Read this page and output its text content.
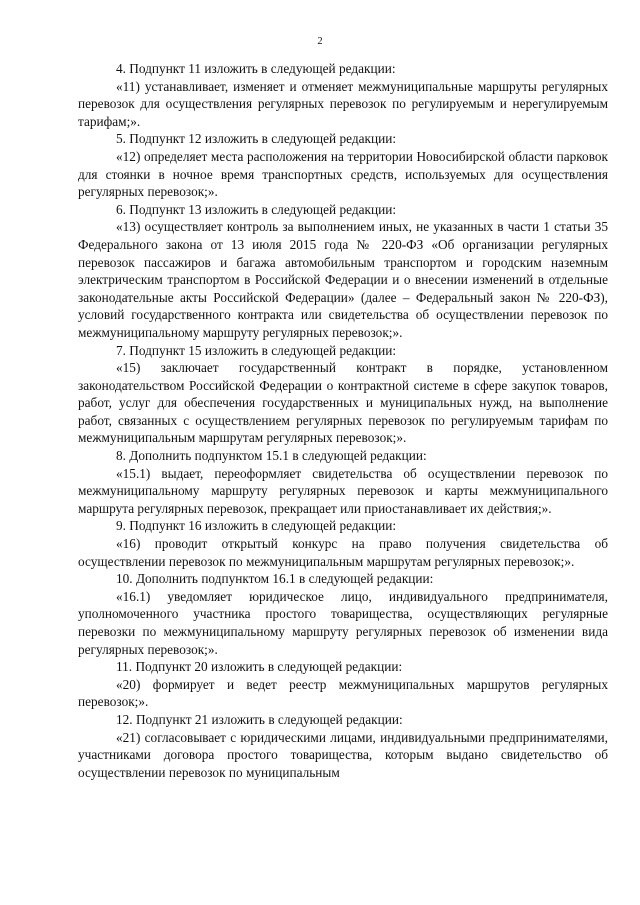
2

4. Подпункт 11 изложить в следующей редакции:

«11) устанавливает, изменяет и отменяет межмуниципальные маршруты регулярных перевозок для осуществления регулярных перевозок по регулируемым и нерегулируемым тарифам;».

5. Подпункт 12 изложить в следующей редакции:

«12) определяет места расположения на территории Новосибирской области парковок для стоянки в ночное время транспортных средств, используемых для осуществления регулярных перевозок;».

6. Подпункт 13 изложить в следующей редакции:

«13) осуществляет контроль за выполнением иных, не указанных в части 1 статьи 35 Федерального закона от 13 июля 2015 года № 220-ФЗ «Об организации регулярных перевозок пассажиров и багажа автомобильным транспортом и городским наземным электрическим транспортом в Российской Федерации и о внесении изменений в отдельные законодательные акты Российской Федерации» (далее – Федеральный закон № 220-ФЗ), условий государственного контракта или свидетельства об осуществлении перевозок по межмуниципальному маршруту регулярных перевозок;».

7. Подпункт 15 изложить в следующей редакции:

«15) заключает государственный контракт в порядке, установленном законодательством Российской Федерации о контрактной системе в сфере закупок товаров, работ, услуг для обеспечения государственных и муниципальных нужд, на выполнение работ, связанных с осуществлением регулярных перевозок по регулируемым тарифам по межмуниципальным маршрутам регулярных перевозок;».

8. Дополнить подпунктом 15.1 в следующей редакции:

«15.1) выдает, переоформляет свидетельства об осуществлении перевозок по межмуниципальному маршруту регулярных перевозок и карты межмуниципального маршрута регулярных перевозок, прекращает или приостанавливает их действия;».

9. Подпункт 16 изложить в следующей редакции:

«16) проводит открытый конкурс на право получения свидетельства об осуществлении перевозок по межмуниципальным маршрутам регулярных перевозок;».

10. Дополнить подпунктом 16.1 в следующей редакции:

«16.1) уведомляет юридическое лицо, индивидуального предпринимателя, уполномоченного участника простого товарищества, осуществляющих регулярные перевозки по межмуниципальному маршруту регулярных перевозок об изменении вида регулярных перевозок;».

11. Подпункт 20 изложить в следующей редакции:

«20) формирует и ведет реестр межмуниципальных маршрутов регулярных перевозок;».

12. Подпункт 21 изложить в следующей редакции:

«21) согласовывает с юридическими лицами, индивидуальными предпринимателями, участниками договора простого товарищества, которым выдано свидетельство об осуществлении перевозок по муниципальным
